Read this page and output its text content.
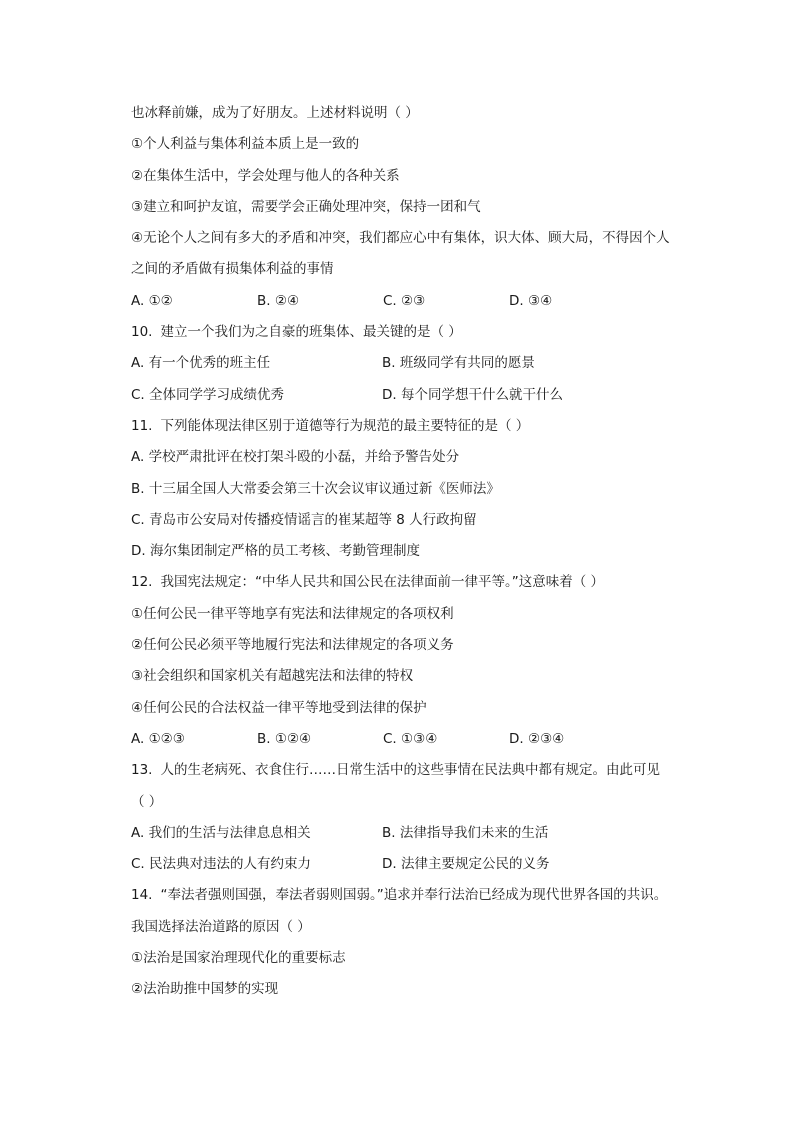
也冰释前嫌，成为了好朋友。上述材料说明（ ）
①个人利益与集体利益本质上是一致的
②在集体生活中，学会处理与他人的各种关系
③建立和呵护友谊，需要学会正确处理冲突，保持一团和气
④无论个人之间有多大的矛盾和冲突，我们都应心中有集体，识大体、顾大局，不得因个人
之间的矛盾做有损集体利益的事情
A. ①②	B. ②④	C. ②③	D. ③④
10. 建立一个我们为之自豪的班集体、最关键的是（ ）
A. 有一个优秀的班主任	B. 班级同学有共同的愿景
C. 全体同学学习成绩优秀	D. 每个同学想干什么就干什么
11. 下列能体现法律区别于道德等行为规范的最主要特征的是（ ）
A. 学校严肃批评在校打架斗殴的小磊，并给予警告处分
B. 十三届全国人大常委会第三十次会议审议通过新《医师法》
C. 青岛市公安局对传播疫情谣言的崔某超等 8 人行政拘留
D. 海尔集团制定严格的员工考核、考勤管理制度
12. 我国宪法规定：“中华人民共和国公民在法律面前一律平等。”这意味着（ ）
①任何公民一律平等地享有宪法和法律规定的各项权利
②任何公民必须平等地履行宪法和法律规定的各项义务
③社会组织和国家机关有超越宪法和法律的特权
④任何公民的合法权益一律平等地受到法律的保护
A. ①②③	B. ①②④	C. ①③④	D. ②③④
13. 人的生老病死、衣食住行……日常生活中的这些事情在民法典中都有规定。由此可见
（ ）
A. 我们的生活与法律息息相关	B. 法律指导我们未来的生活
C. 民法典对违法的人有约束力	D. 法律主要规定公民的义务
14. “奉法者强则国强，奉法者弱则国弱。”追求并奉行法治已经成为现代世界各国的共识。
我国选择法治道路的原因（ ）
①法治是国家治理现代化的重要标志
②法治助推中国梦的实现
